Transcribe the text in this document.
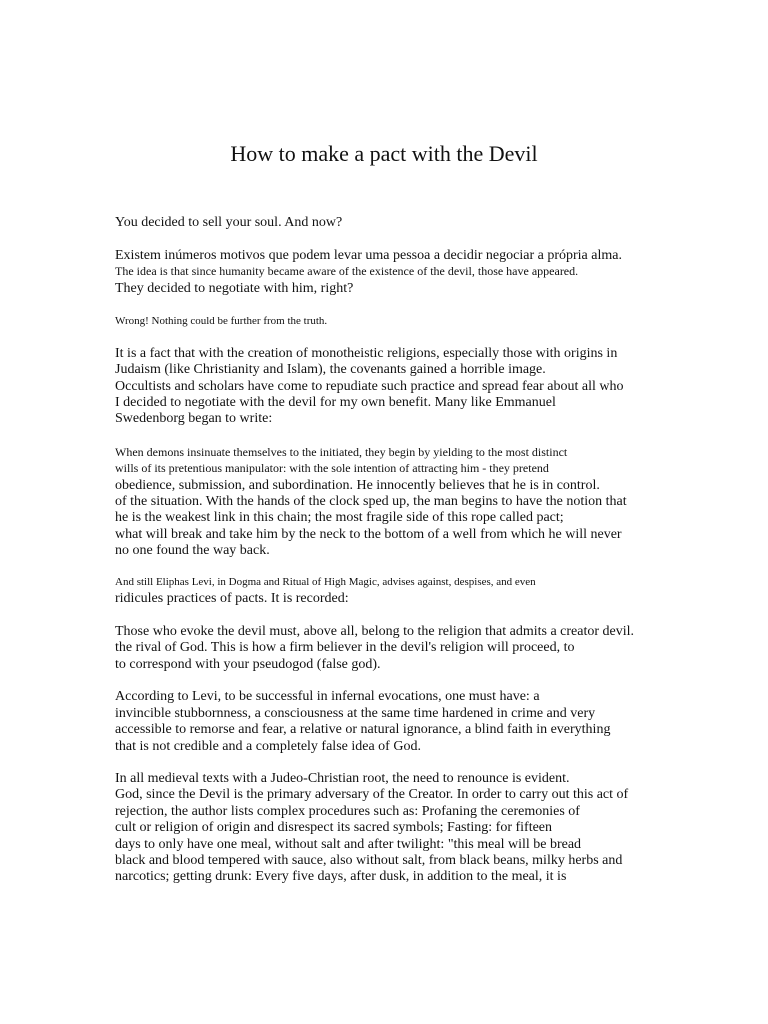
How to make a pact with the Devil

You decided to sell your soul. And now?

Existem inúmeros motivos que podem levar uma pessoa a decidir negociar a própria alma.

The idea is that since humanity became aware of the existence of the devil, those have appeared.

They decided to negotiate with him, right?

Wrong! Nothing could be further from the truth.

It is a fact that with the creation of monotheistic religions, especially those with origins in

Judaism (like Christianity and Islam), the covenants gained a horrible image.

Occultists and scholars have come to repudiate such practice and spread fear about all who

I decided to negotiate with the devil for my own benefit. Many like Emmanuel

Swedenborg began to write:

When demons insinuate themselves to the initiated, they begin by yielding to the most distinct

wills of its pretentious manipulator: with the sole intention of attracting him - they pretend

obedience, submission, and subordination. He innocently believes that he is in control.

of the situation. With the hands of the clock sped up, the man begins to have the notion that

he is the weakest link in this chain; the most fragile side of this rope called pact;

what will break and take him by the neck to the bottom of a well from which he will never

no one found the way back.

And still Eliphas Levi, in Dogma and Ritual of High Magic, advises against, despises, and even

ridicules practices of pacts. It is recorded:

Those who evoke the devil must, above all, belong to the religion that admits a creator devil.

the rival of God. This is how a firm believer in the devil's religion will proceed, to

to correspond with your pseudogod (false god).

According to Levi, to be successful in infernal evocations, one must have: a

invincible stubbornness, a consciousness at the same time hardened in crime and very

accessible to remorse and fear, a relative or natural ignorance, a blind faith in everything

that is not credible and a completely false idea of God.

In all medieval texts with a Judeo-Christian root, the need to renounce is evident.

God, since the Devil is the primary adversary of the Creator. In order to carry out this act of

rejection, the author lists complex procedures such as: Profaning the ceremonies of

cult or religion of origin and disrespect its sacred symbols; Fasting: for fifteen

days to only have one meal, without salt and after twilight: "this meal will be bread

black and blood tempered with sauce, also without salt, from black beans, milky herbs and

narcotics; getting drunk: Every five days, after dusk, in addition to the meal, it is
